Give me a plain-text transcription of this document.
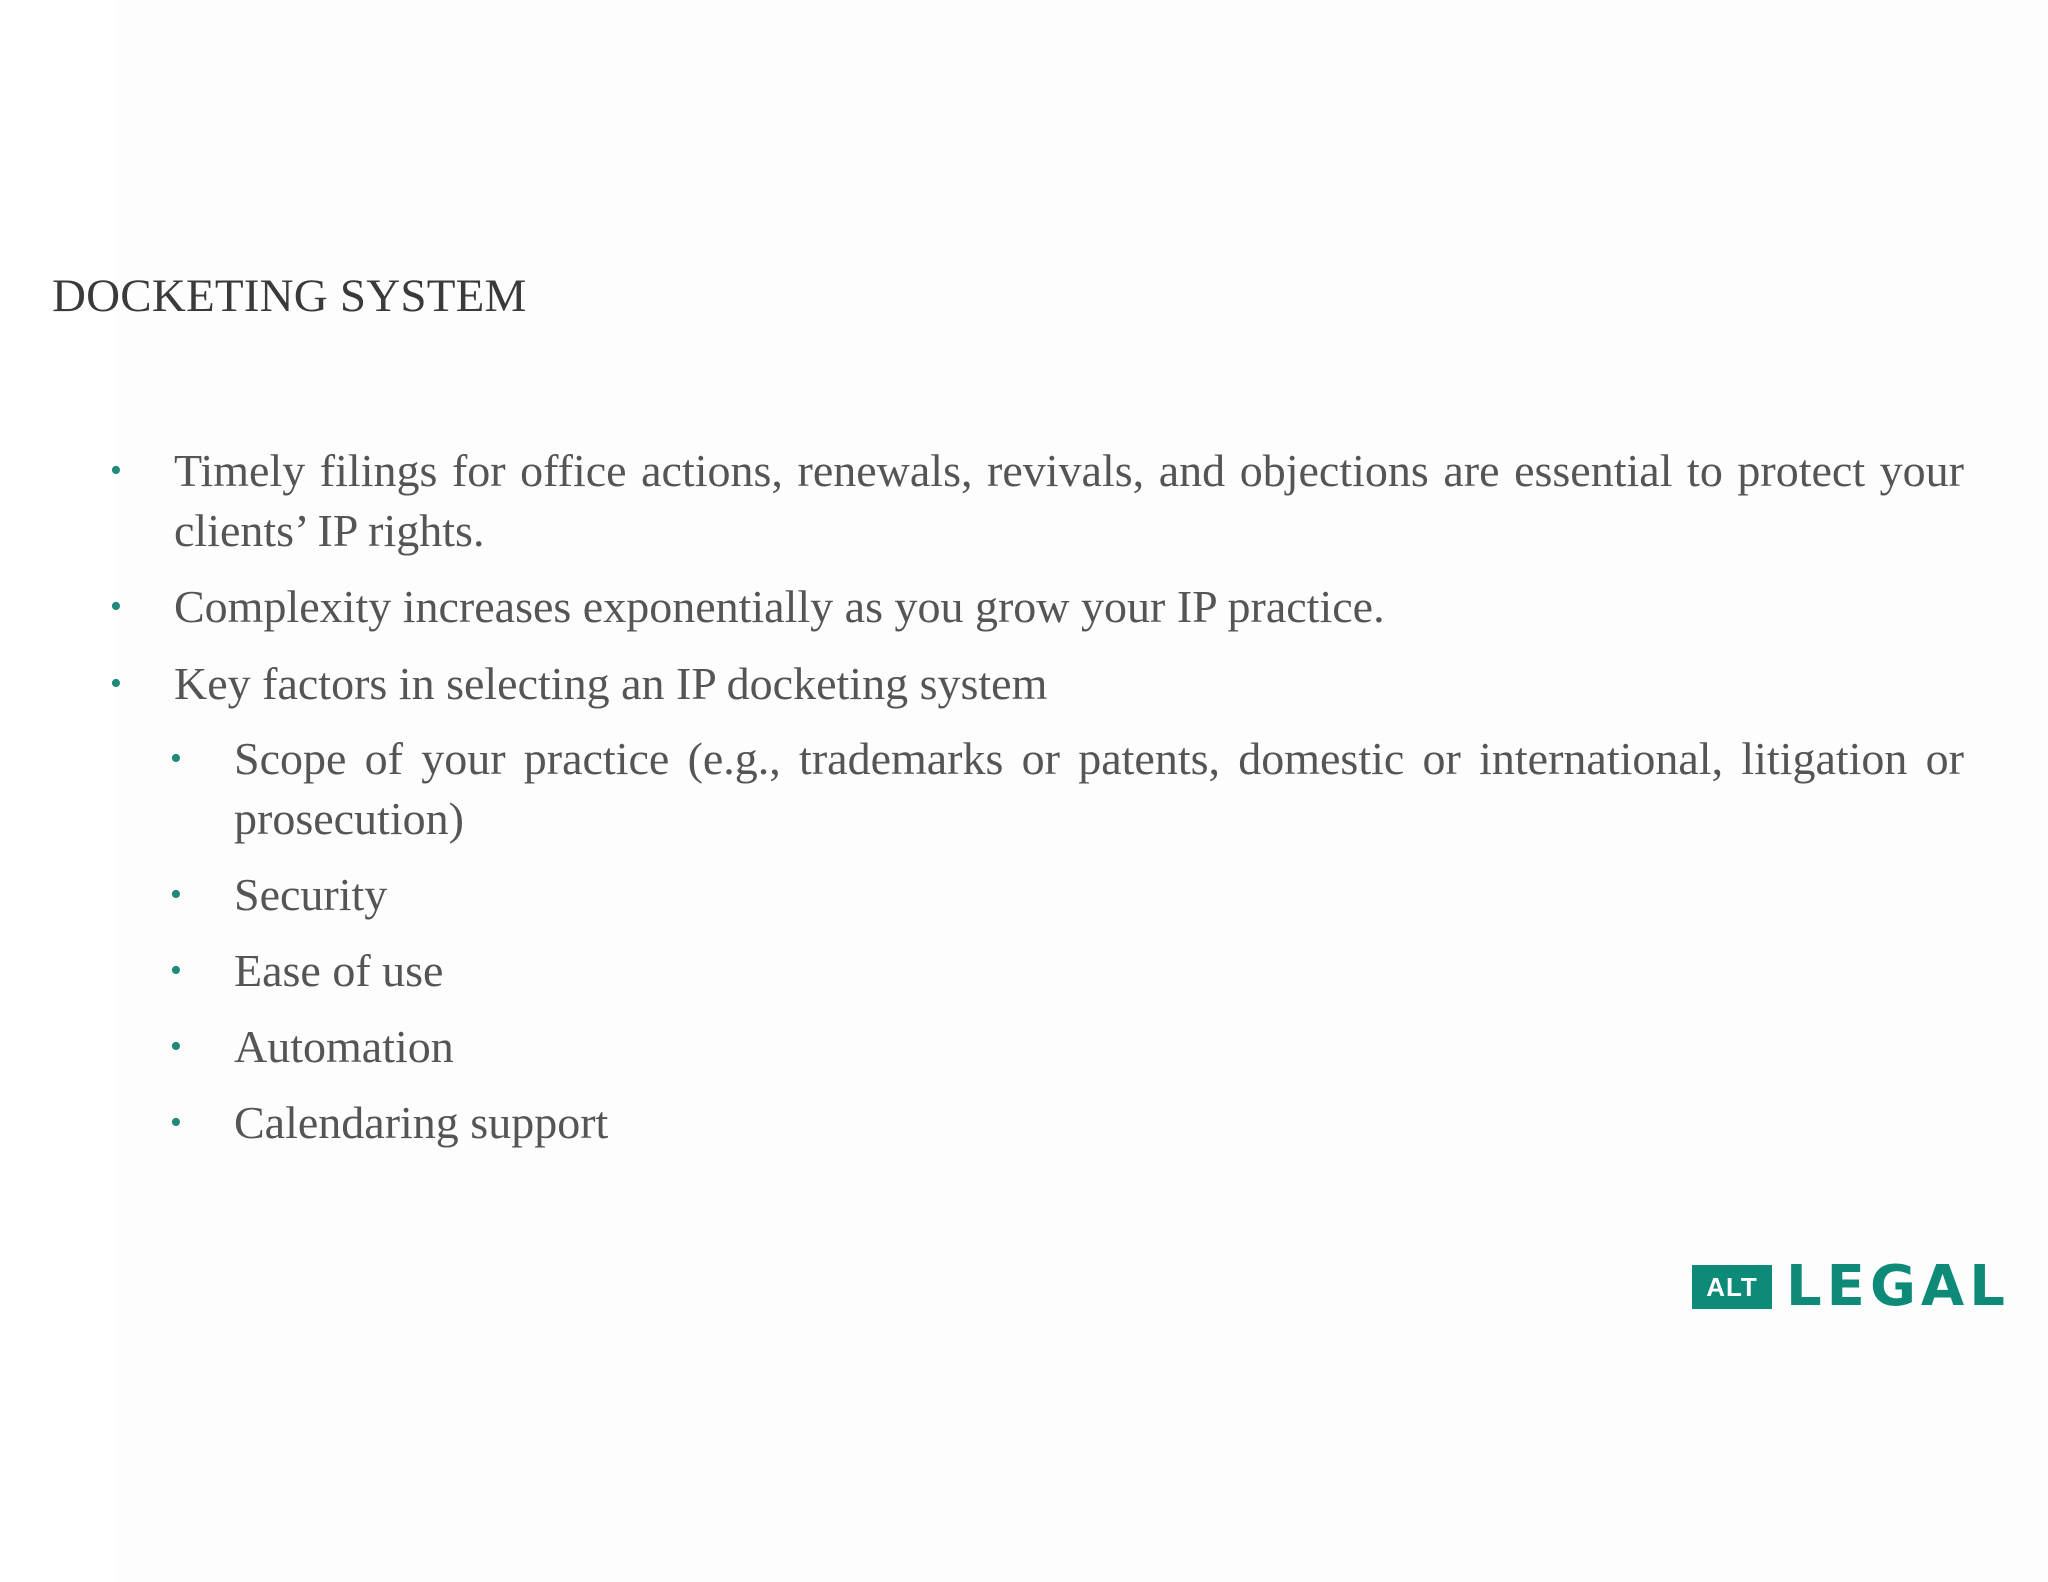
DOCKETING SYSTEM
• Timely filings for office actions, renewals, revivals, and objections are essential to protect your clients’ IP rights.
• Complexity increases exponentially as you grow your IP practice.
• Key factors in selecting an IP docketing system
• Scope of your practice (e.g., trademarks or patents, domestic or international, litigation or prosecution)
• Security
• Ease of use
• Automation
• Calendaring support
ALT LEGAL
